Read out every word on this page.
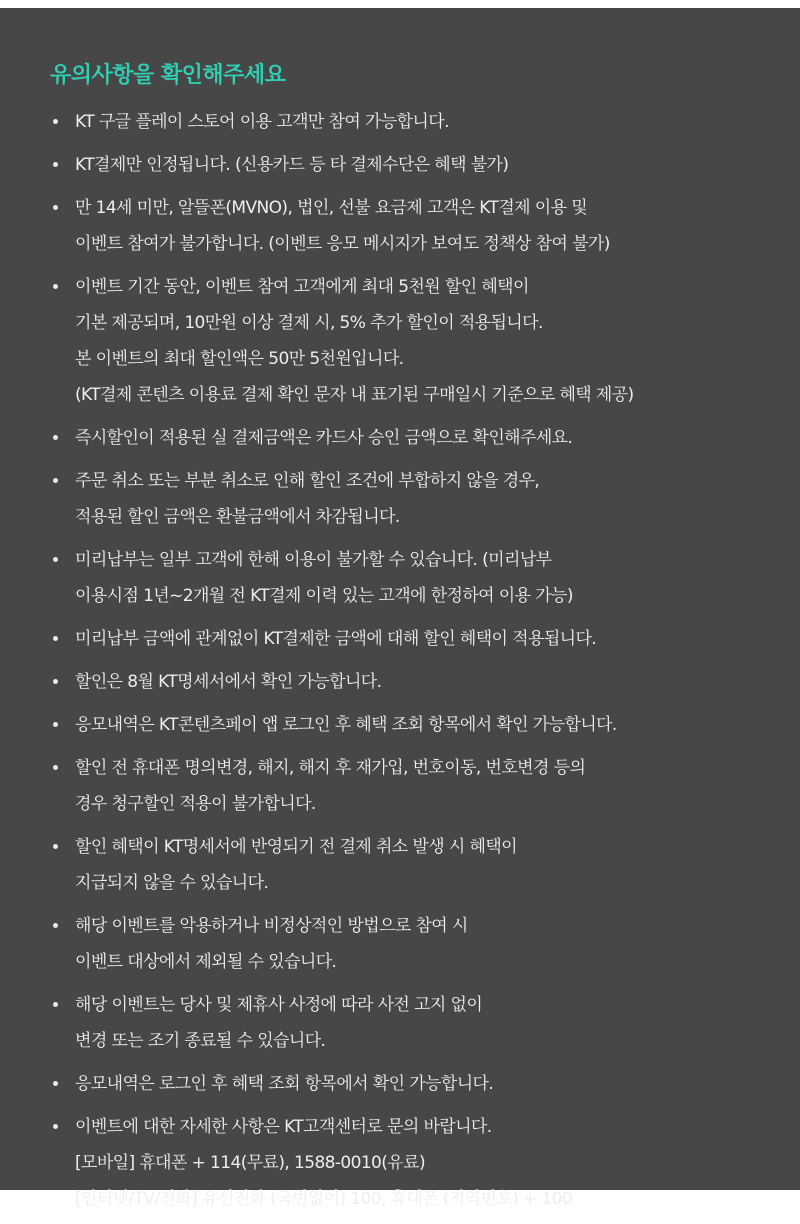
유의사항을 확인해주세요
KT 구글 플레이 스토어 이용 고객만 참여 가능합니다.
KT결제만 인정됩니다. (신용카드 등 타 결제수단은 혜택 불가)
만 14세 미만, 알뜰폰(MVNO), 법인, 선불 요금제 고객은 KT결제 이용 및
이벤트 참여가 불가합니다. (이벤트 응모 메시지가 보여도 정책상 참여 불가)
이벤트 기간 동안, 이벤트 참여 고객에게 최대 5천원 할인 혜택이
기본 제공되며, 10만원 이상 결제 시, 5% 추가 할인이 적용됩니다.
본 이벤트의 최대 할인액은 50만 5천원입니다.
(KT결제 콘텐츠 이용료 결제 확인 문자 내 표기된 구매일시 기준으로 혜택 제공)
즉시할인이 적용된 실 결제금액은 카드사 승인 금액으로 확인해주세요.
주문 취소 또는 부분 취소로 인해 할인 조건에 부합하지 않을 경우,
적용된 할인 금액은 환불금액에서 차감됩니다.
미리납부는 일부 고객에 한해 이용이 불가할 수 있습니다. (미리납부
이용시점 1년~2개월 전 KT결제 이력 있는 고객에 한정하여 이용 가능)
미리납부 금액에 관계없이 KT결제한 금액에 대해 할인 혜택이 적용됩니다.
할인은 8월 KT명세서에서 확인 가능합니다.
응모내역은 KT콘텐츠페이 앱 로그인 후 혜택 조회 항목에서 확인 가능합니다.
할인 전 휴대폰 명의변경, 해지, 해지 후 재가입, 번호이동, 번호변경 등의
경우 청구할인 적용이 불가합니다.
할인 혜택이 KT명세서에 반영되기 전 결제 취소 발생 시 혜택이
지급되지 않을 수 있습니다.
해당 이벤트를 악용하거나 비정상적인 방법으로 참여 시
이벤트 대상에서 제외될 수 있습니다.
해당 이벤트는 당사 및 제휴사 사정에 따라 사전 고지 없이
변경 또는 조기 종료될 수 있습니다.
응모내역은 로그인 후 혜택 조회 항목에서 확인 가능합니다.
이벤트에 대한 자세한 사항은 KT고객센터로 문의 바랍니다.
[모바일] 휴대폰 + 114(무료), 1588-0010(유료)
[인터넷/TV/전화] 유선전화 (국번없이) 100, 휴대폰 (지역번호) + 100
